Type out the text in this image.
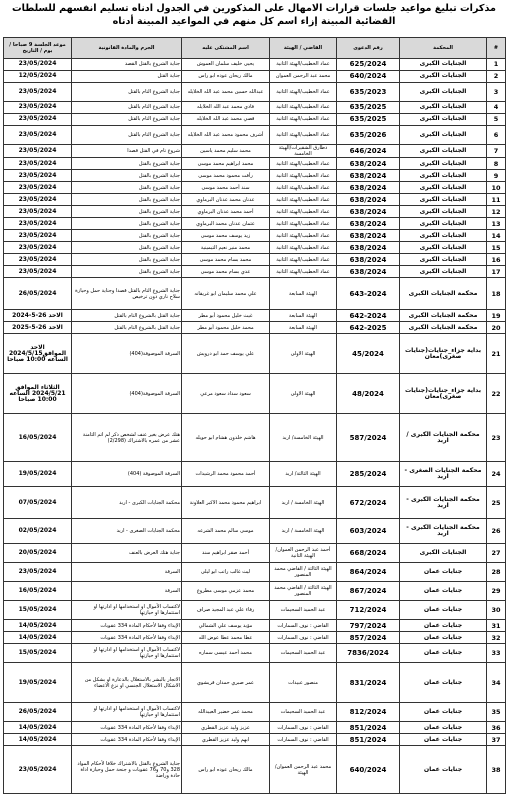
مذكرات تبليغ مواعيد جلسات قرارات الامهال على المذكورين في الجدول ادناه تسليم انفسهم للسلطات القضائية المبينة إزاء اسم كل منهم في المواعيد المبينة أدناه
#	المحكمة	رقم الدعوى	القاضي / الهيئة	اسم المشتكى عليه	الجرم والمادة القانونية	موعد الجلسة 9 صباحا /يوم / التاريخ
1	الجنايات الكبرى	625/2024	عماد الخطيب/الهيئة الثانية	يحيى خليف سلمان العموش	جناية الشروع بالقتل القصد	23/05/2024
2	الجنايات الكبرى	640/2024	محمد عبد الرحمن العموان	مالك ريحان عوده ابو راس	جناية القتل	12/05/2024
3	الجنايات الكبرى	635/2023	عماد الخطيب/الهيئة الثانية	عبدالله حسين محمد عبد الله الخلايله	جناية الشروع التام بالقتل	23/05/2024
4	الجنايات الكبرى	635/2025	عماد الخطيب/الهيئة الثانية	فادي محمد عبد الله الخلايله	جناية الشروع التام بالقتل	23/05/2024
5	الجنايات الكبرى	635/2025	عماد الخطيب/الهيئة الثانية	قصي محمد عبد الله الخلايله	جناية الشروع التام بالقتل	23/05/2024
6	الجنايات الكبرى	635/2026	عماد الخطيب/الهيئة الثانية	أشرف محمود محمد عبد الله الخلايله	جناية الشروع التام بالقتل	23/05/2024
7	الجنايات الكبرى	646/2024	دطارق الشقيرات/الهيئة الخامسة	محمد سليم محمد ياسين	شروع تام في القتل قصدا	23/05/2024
8	الجنايات الكبرى	638/2024	عماد الخطيب/الهيئة الثانية	محمد ابراهيم محمد موسى	جناية الشروع بالقتل	23/05/2024
9	الجنايات الكبرى	638/2024	عماد الخطيب/الهيئة الثانية	رأفت محمود محمد موسى	جناية الشروع بالقتل	23/05/2024
10	الجنايات الكبرى	638/2024	عماد الخطيب/الهيئة الثانية	سند أحمد محمد موسى	جناية الشروع بالقتل	23/05/2024
11	الجنايات الكبرى	638/2024	عماد الخطيب/الهيئة الثانية	عدنان محمد عدنان البرماوي	جناية الشروع بالقتل	23/05/2024
12	الجنايات الكبرى	638/2024	عماد الخطيب/الهيئة الثانية	أحمد محمد عدنان البرماوي	جناية الشروع بالقتل	23/05/2024
13	الجنايات الكبرى	638/2024	عماد الخطيب/الهيئة الثانية	عثمان عدنان محمد البرماوي	جناية الشروع بالقتل	23/05/2024
14	الجنايات الكبرى	638/2024	عماد الخطيب/الهيئة الثانية	زيد يوسف محمد موسى	جناية الشروع بالقتل	23/05/2024
15	الجنايات الكبرى	638/2024	عماد الخطيب/الهيئة الثانية	محمد منير نعيم التيمينية	جناية الشروع بالقتل	23/05/2024
16	الجنايات الكبرى	638/2024	عماد الخطيب/الهيئة الثانية	محمد بسام محمد موسى	جناية الشروع بالقتل	23/05/2024
17	الجنايات الكبرى	638/2024	عماد الخطيب/الهيئة الثانية	عدي بسام محمد موسى	جناية الشروع بالقتل	23/05/2024
18	محكمة الجنايات الكبرى	643-2024	الهيئة السابعة	علي محمد سليمان ابو غريقانه	جناية الشروع التام بالقتل قصدا وجناية حمل وحيازة سلاح ناري دون ترخيص	26/05/2024
19	محكمة الجنايات الكبرى	642-2024	الهيئة السابعة	غيث خليل محمود أبو مطر	جناية القتل بالشروع التام بالقتل	الاحد 26-5-2024
20	محكمة الجنايات الكبرى	642-2025	الهيئة السابعة	محمد خليل محمود أبو مطر	جناية القتل بالشروع التام بالقتل	الاحد 26-5-2025
21	بداية جزاء_جنايات(جنايات صغرى)معان	45/2024	الهيئة الاولى	علي يوسف حمد ابو درويش	السرقة الموصوفة(404)	الاحد الموافق2024/5/15 الساعه 10:00 صباحا
22	بداية جزاء_جنايات(جنايات صغرى)معان	48/2024	الهيئة الاولى	سعود سداد سعود مرعي	السرقة الموصوفة(404)	الثلاثاء الموافق 2024/5/21 الساعه 10:00 صباحا
23	محكمة الجنايات الكبرى / اربد	587/2024	الهيئة الخامسة/ اربد	هاشم خلدون هشام ابو حويله	هتك عرض بغير عنف لشخص ذكر لم اتم الثامنة عشر من عمره بالاشتراك (2/298)	16/05/2024
24	محكمة الجنايات الصغرى - اربد	285/2024	الهيئة الثالثة/ اربد	أحمد محمود محمد الرشيدات	السرقة الموصوفة (404)	19/05/2024
25	محكمة الجنايات الكبرى - اربد	672/2024	الهيئة الخامسة / اربد	ابراهيم محمود محمد الاكبر العلاونة	محكمة الجنايات الكبرى - اربد	07/05/2024
26	محكمة الجنايات الكبرى - اربد	603/2024	الهيئة الخامسة / اربد	موسى سالم محمد الشرعه	محكمة الجنايات الصغرى - اربد	02/05/2024
27	الجنايات الكبرى	668/2024	أحمد عبد الرحمن العموان/الهيئة الثانية	أحمد صقر ابراهيم سند	جناية هتك العرض بالعنف	20/05/2024
28	جنايات عمان	864/2024	الهيئة الثالثة / القاضي محمد المنصور	ليث غالب راتب ابو ليلى	السرقة	23/05/2024
29	جنايات عمان	867/2024	الهيئة الثالثة / القاضي محمد المنصور	محمد عزمي موسى مطروع	السرقة	16/05/2024
30	جنايات عمان	712/2024	عبد الحميد السحيمات	رفاء علي عبد المجيد صراف	لاكتساب الأموال او استخدامها او ادارتها او استثمارها او حيازتها	15/05/2024
31	جنايات عمان	797/2024	القاضي : نوف السمارات	مؤيد يوسف علي الشمالي	الإيذاء وفقا لأحكام المادة 334 عقوبات	14/05/2024
32	جنايات عمان	857/2024	القاضي : نوف السمارات	عطا محمد عطا عوض الله	الإيذاء وفقا لأحكام المادة 334 عقوبات	14/05/2024
33	جنايات عمان	7836/2024	عبد الحميد السحيمات	محمد أحمد عيسى سماره	لاكتساب الأموال او استخدامها او ادارتها او استثمارها او حيازتها	15/05/2024
34	جنايات عمان	831/2024	منصور عبيدات	عمر صبري حمدان قريشوي	الاتجار بالبشر بالاستغلال بالدعارة او بشكل من الاشكال الاستغلال الجنسي او نزع الاعضاء	19/05/2024
35	جنايات عمان	812/2024	عبد الحميد السحيمات	محمد عمر خضير العبيدالله	لاكتساب الأموال او استخدامها او ادارتها او استثمارها او حيازتها	26/05/2024
36	جنايات عمان	851/2024	القاضي : نوف السمارات	عزيز وليد عزيز القطري	الإيذاء وفقا لأحكام المادة 334 عقوبات	14/05/2024
37	جنايات عمان	851/2024	القاضي : نوف السمارات	ابهم وليد عزيز القطري	الإيذاء وفقا لأحكام المادة 334 عقوبات	14/05/2024
38	جنايات عمان	640/2024	محمد عبد الرحمن العموان/الهيئة	مالك ريحان عوده ابو راس	جناية الشروع بالقتل بالاشتراك خلافا لأحكام المواد 328 و70 و76 عقوبات و جنحة حمل وحيازة اداة حادة وراضة	23/05/2024
